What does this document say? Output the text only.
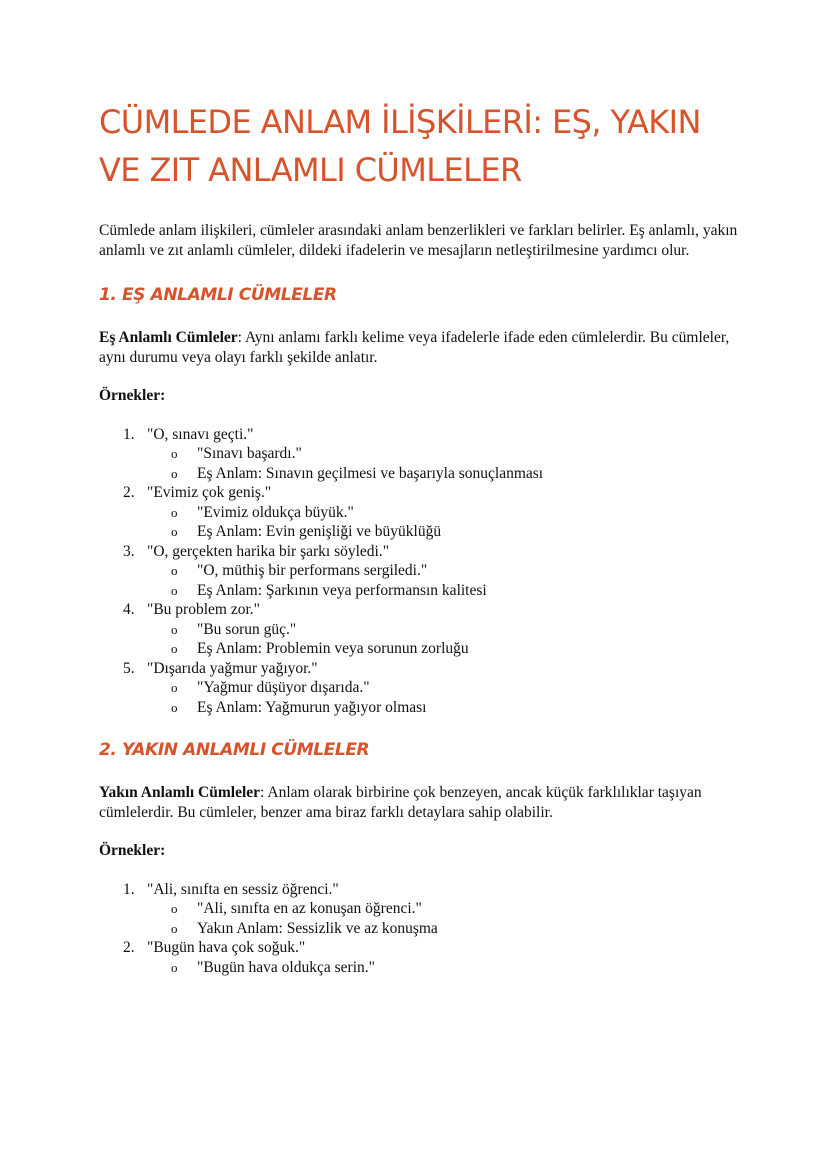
CÜMLEDE ANLAM İLİŞKİLERİ: EŞ, YAKIN VE ZIT ANLAMLI CÜMLELER

Cümlede anlam ilişkileri, cümleler arasındaki anlam benzerlikleri ve farkları belirler. Eş anlamlı, yakın anlamlı ve zıt anlamlı cümleler, dildeki ifadelerin ve mesajların netleştirilmesine yardımcı olur.

1. EŞ ANLAMLI CÜMLELER

Eş Anlamlı Cümleler: Aynı anlamı farklı kelime veya ifadelerle ifade eden cümlelerdir. Bu cümleler, aynı durumu veya olayı farklı şekilde anlatır.

Örnekler:

1. "O, sınavı geçti."
o "Sınavı başardı."
o Eş Anlam: Sınavın geçilmesi ve başarıyla sonuçlanması
2. "Evimiz çok geniş."
o "Evimiz oldukça büyük."
o Eş Anlam: Evin genişliği ve büyüklüğü
3. "O, gerçekten harika bir şarkı söyledi."
o "O, müthiş bir performans sergiledi."
o Eş Anlam: Şarkının veya performansın kalitesi
4. "Bu problem zor."
o "Bu sorun güç."
o Eş Anlam: Problemin veya sorunun zorluğu
5. "Dışarıda yağmur yağıyor."
o "Yağmur düşüyor dışarıda."
o Eş Anlam: Yağmurun yağıyor olması
2. YAKIN ANLAMLI CÜMLELER

Yakın Anlamlı Cümleler: Anlam olarak birbirine çok benzeyen, ancak küçük farklılıklar taşıyan cümlelerdir. Bu cümleler, benzer ama biraz farklı detaylara sahip olabilir.

Örnekler:

1. "Ali, sınıfta en sessiz öğrenci."
o "Ali, sınıfta en az konuşan öğrenci."
o Yakın Anlam: Sessizlik ve az konuşma
2. "Bugün hava çok soğuk."
o "Bugün hava oldukça serin."
